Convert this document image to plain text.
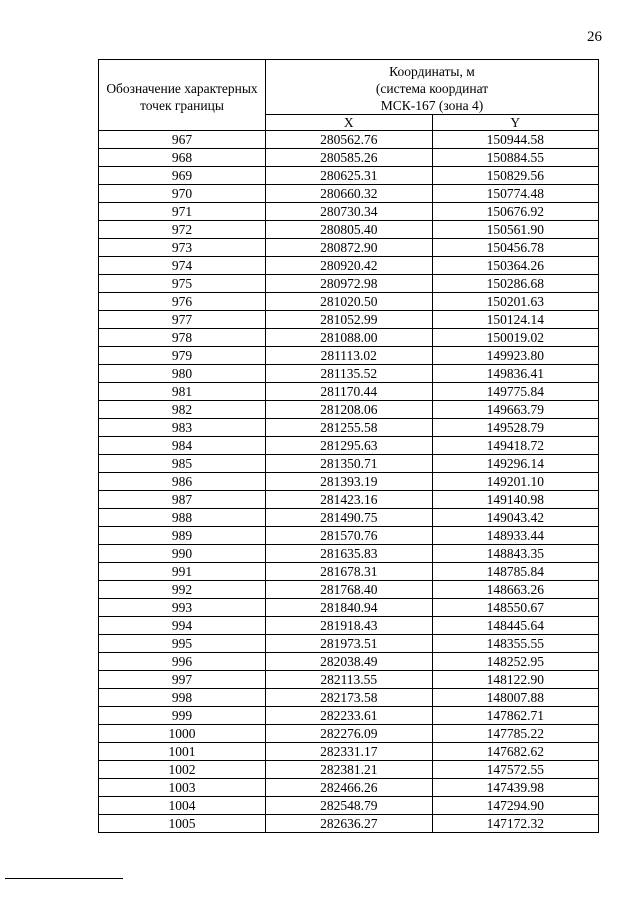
26
Обозначение характерных точек границы	Координаты, м
(система координат
МСК-167 (зона 4)	
	X	Y
967	280562.76	150944.58
968	280585.26	150884.55
969	280625.31	150829.56
970	280660.32	150774.48
971	280730.34	150676.92
972	280805.40	150561.90
973	280872.90	150456.78
974	280920.42	150364.26
975	280972.98	150286.68
976	281020.50	150201.63
977	281052.99	150124.14
978	281088.00	150019.02
979	281113.02	149923.80
980	281135.52	149836.41
981	281170.44	149775.84
982	281208.06	149663.79
983	281255.58	149528.79
984	281295.63	149418.72
985	281350.71	149296.14
986	281393.19	149201.10
987	281423.16	149140.98
988	281490.75	149043.42
989	281570.76	148933.44
990	281635.83	148843.35
991	281678.31	148785.84
992	281768.40	148663.26
993	281840.94	148550.67
994	281918.43	148445.64
995	281973.51	148355.55
996	282038.49	148252.95
997	282113.55	148122.90
998	282173.58	148007.88
999	282233.61	147862.71
1000	282276.09	147785.22
1001	282331.17	147682.62
1002	282381.21	147572.55
1003	282466.26	147439.98
1004	282548.79	147294.90
1005	282636.27	147172.32
